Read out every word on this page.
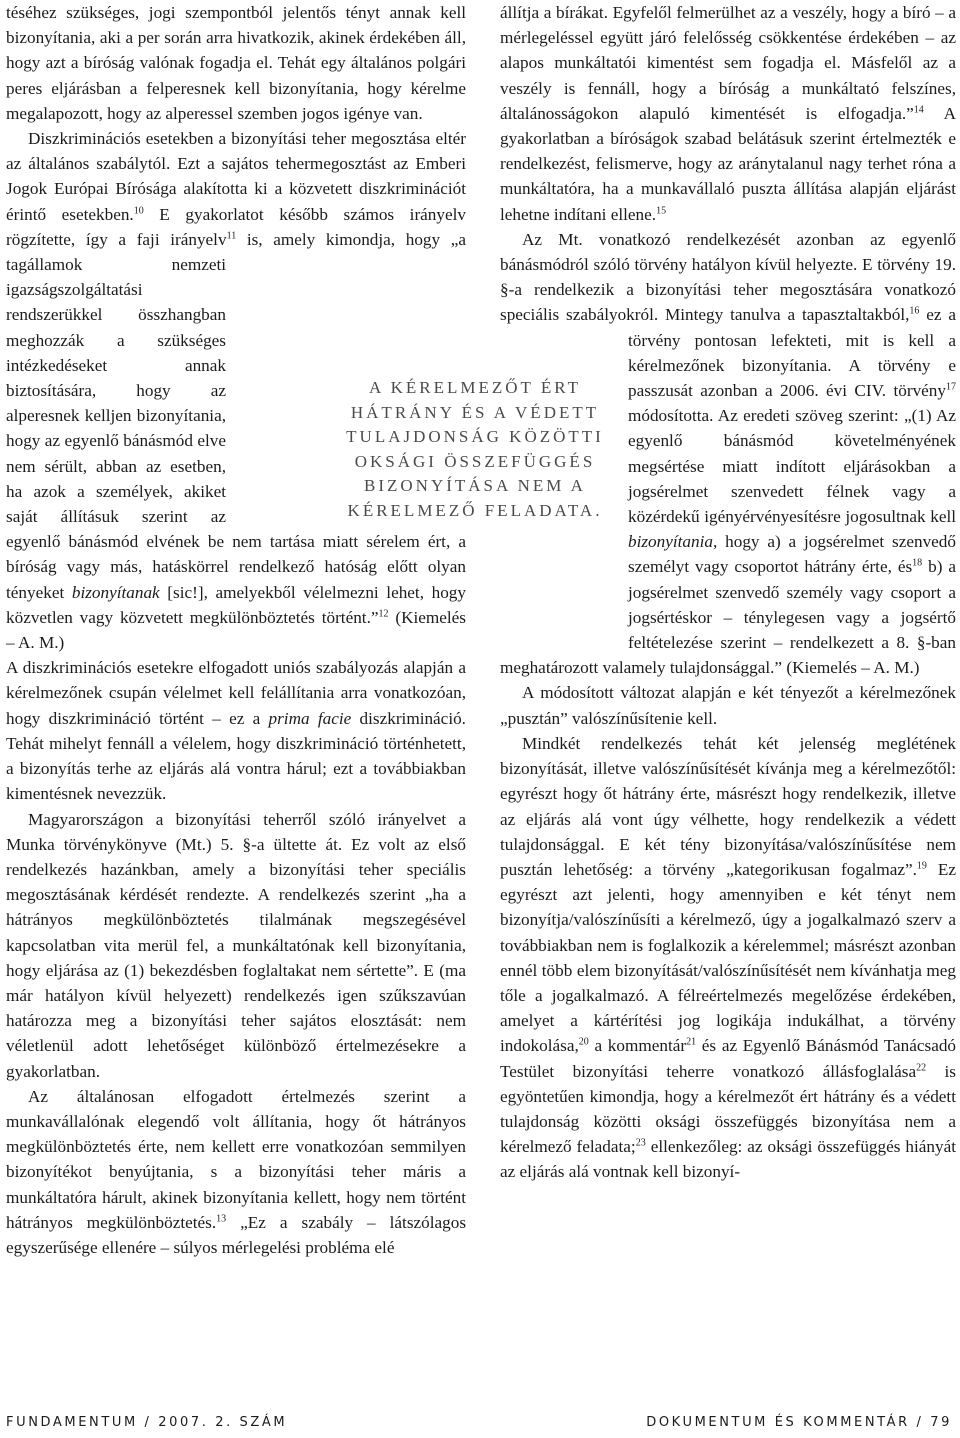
téséhez szükséges, jogi szempontból jelentős tényt annak kell bizonyítania, aki a per során arra hivatkozik, akinek érdekében áll, hogy azt a bíróság valónak fogadja el. Tehát egy általános polgári peres eljárásban a felperesnek kell bizonyítania, hogy kérelme megalapozott, hogy az alperessel szemben jogos igénye van.

Diszkriminációs esetekben a bizonyítási teher megosztása eltér az általános szabálytól. Ezt a sajátos tehermegosztást az Emberi Jogok Európai Bírósága alakította ki a közvetett diszkriminációt érintő esetekben.$^{10}$ E gyakorlatot később számos irányelv rögzítette, így a faji irányelv$^{11}$
is, amely kimondja, hogy „a tagállamok nemzeti igazságszolgáltatási rendszerükkel összhangban meghozzák a szükséges intézkedéseket annak biztosítására, hogy az alperesnek kelljen bizonyítania, hogy az egyenlő bánásmód elve nem sérült, abban az esetben, ha azok a személyek, akiket saját állításuk szerint az egyenlő bánásmód elvének be nem tartása miatt sérelem ért, a bíróság vagy más, hatáskörrel rendelkező hatóság előtt olyan tényeket bizonyítanak [sic!], amelyekből vélelmezni lehet, hogy közvetlen vagy közvetett megkülönböztetés történt.”$^{12}$ (Kiemelés – A. M.)

A diszkriminációs esetekre elfogadott uniós szabályozás alapján a kérelmezőnek csupán vélelmet kell felállítania arra vonatkozóan, hogy diszkrimináció történt – ez a prima facie diszkrimináció. Tehát mihelyt fennáll a vélelem, hogy diszkrimináció történhetett, a bizonyítás terhe az eljárás alá vontra hárul; ezt a továbbiakban kimentésnek nevezzük.

Magyarországon a bizonyítási teherről szóló irányelvet a Munka törvénykönyve (Mt.) 5. §-a ültette át. Ez volt az első rendelkezés hazánkban, amely a bizonyítási teher speciális megosztásának kérdését rendezte. A rendelkezés szerint „ha a hátrányos megkülönböztetés tilalmának megszegésével kapcsolatban vita merül fel, a munkáltatónak kell bizonyítania, hogy eljárása az (1) bekezdésben foglaltakat nem sértette”. E (ma már hatályon kívül helyezett) rendelkezés igen szűkszavúan határozza meg a bizonyítási teher sajátos elosztását: nem véletlenül adott lehetőséget különböző értelmezésekre a gyakorlatban.

Az általánosan elfogadott értelmezés szerint a munkavállalónak elegendő volt állítania, hogy őt hátrányos megkülönböztetés érte, nem kellett erre vonatkozóan semmilyen bizonyítékot benyújtania, s a bizonyítási teher máris a munkáltatóra hárult, akinek bizonyítania kellett, hogy nem történt hátrányos megkülönböztetés.$^{13}$ „Ez a szabály – látszólagos egyszerűsége ellenére – súlyos mérlegelési probléma elé

állítja a bírákat. Egyfelől felmerülhet az a veszély, hogy a bíró – a mérlegeléssel együtt járó felelősség csökkentése érdekében – az alapos munkáltatói kimentést sem fogadja el. Másfelől az a veszély is fennáll, hogy a bíróság a munkáltató felszínes, általánosságokon alapuló kimentését is elfogadja.”$^{14}$ A gyakorlatban a bíróságok szabad belátásuk szerint értelmezték e rendelkezést, felismerve, hogy az aránytalanul nagy terhet róna a munkáltatóra, ha a munkavállaló puszta állítása alapján eljárást lehetne indítani ellene.$^{15}$

Az Mt. vonatkozó rendelkezését azonban az egyenlő bánásmódról szóló törvény hatályon kívül helyezte. E törvény 19. §-a rendelkezik a bizonyítási teher megosztására vonatkozó speciális szabályokról. Mintegy tanulva a tapasztaltakból,
$^{16}$ ez a törvény pontosan lefekteti, mit is kell a kérelmezőnek bizonyítania. A törvény e passzusát azonban a 2006. évi CIV. törvény$^{17}$ módosította. Az eredeti szöveg szerint: „(1) Az egyenlő bánásmód követelményének megsértése miatt indított eljárásokban a jogsérelmet szenvedett félnek vagy a közérdekű igényérvényesítésre jogosultnak kell bizonyítania, hogy a) a jogsérelmet szenvedő személyt vagy csoportot hátrány érte, $és^{18}$ b) a jogsérelmet szenvedő személy vagy csoport a jogsértéskor – ténylegesen vagy a jogsértő feltételezése szerint – rendelkezett a 8. §-ban meghatározott valamely tulajdonsággal.” (Kiemelés – A. M.)

A módosított változat alapján e két tényezőt a kérelmezőnek „pusztán” valószínűsítenie kell.

Mindkét rendelkezés tehát két jelenség meglétének bizonyítását, illetve valószínűsítését kívánja meg a kérelmezőtől: egyrészt hogy őt hátrány érte, másrészt hogy rendelkezik, illetve az eljárás alá vont úgy vélhette, hogy rendelkezik a védett tulajdonsággal. E két tény bizonyítása/valószínűsítése nem pusztán lehetőség: a törvény „kategorikusan fogalmaz”.$^{19}$ Ez egyrészt azt jelenti, hogy amennyiben e két tényt nem bizonyítja/valószínűsíti a kérelmező, úgy a jogalkalmazó szerv a továbbiakban nem is foglalkozik a kérelemmel; másrészt azonban ennél több elem bizonyítását/valószínűsítését nem kívánhatja meg tőle a jogalkalmazó. A félreértelmezés megelőzése érdekében, amelyet a kártérítési jog logikája indukálhat, a törvény indokolása,$^{20}$ a kommentár$^{21}$ és az Egyenlő Bánásmód Tanácsadó Testület bizonyítási teherre vonatkozó állásfoglalása$^{22}$ is egyöntetűen kimondja, hogy a kérelmezőt ért hátrány és a védett tulajdonság közötti oksági összefüggés bizonyítása nem a kérelmező feladata;$^{23}$ ellenkezőleg: az oksági összefüggés hiányát az eljárás alá vontnak kell bizonyí-

A KÉRELMEZŐT ÉRT HÁTRÁNY ÉS A VÉDETT TULAJDONSÁG KÖZÖTTI OKSÁGI ÖSSZEFÜGGÉS BIZONYÍTÁSA NEM A KÉRELMEZŐ FELADATA.
FUNDAMENTUM / 2007. 2. SZÁM	DOKUMENTUM ÉS KOMMENTÁR / 79
